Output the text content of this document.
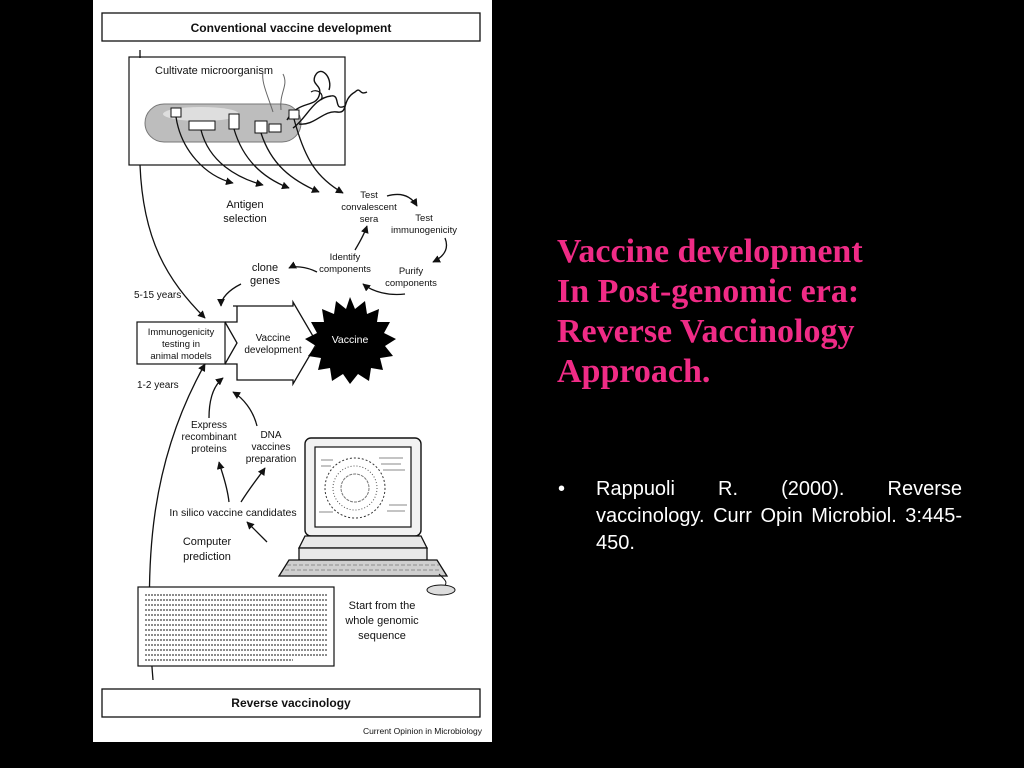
Conventional vaccine development
Cultivate microorganism
Antigen
selection
Test
convalescent
sera	Test
immunogenicity
Identify
components	Purify
components
clone
genes
5-15 years
Immunogenicity
testing in
animal models
Vaccine
development
Vaccine
1-2 years
Express
recombinant
proteins
DNA
vaccines
preparation
In silico vaccine candidates
Computer
prediction
Start from the
whole genomic
sequence
Reverse vaccinology
Current Opinion in Microbiology
Vaccine development
In Post-genomic era:
Reverse Vaccinology
Approach.
• Rappuoli R. (2000). Reverse vaccinology. Curr Opin Microbiol. 3:445-450.
